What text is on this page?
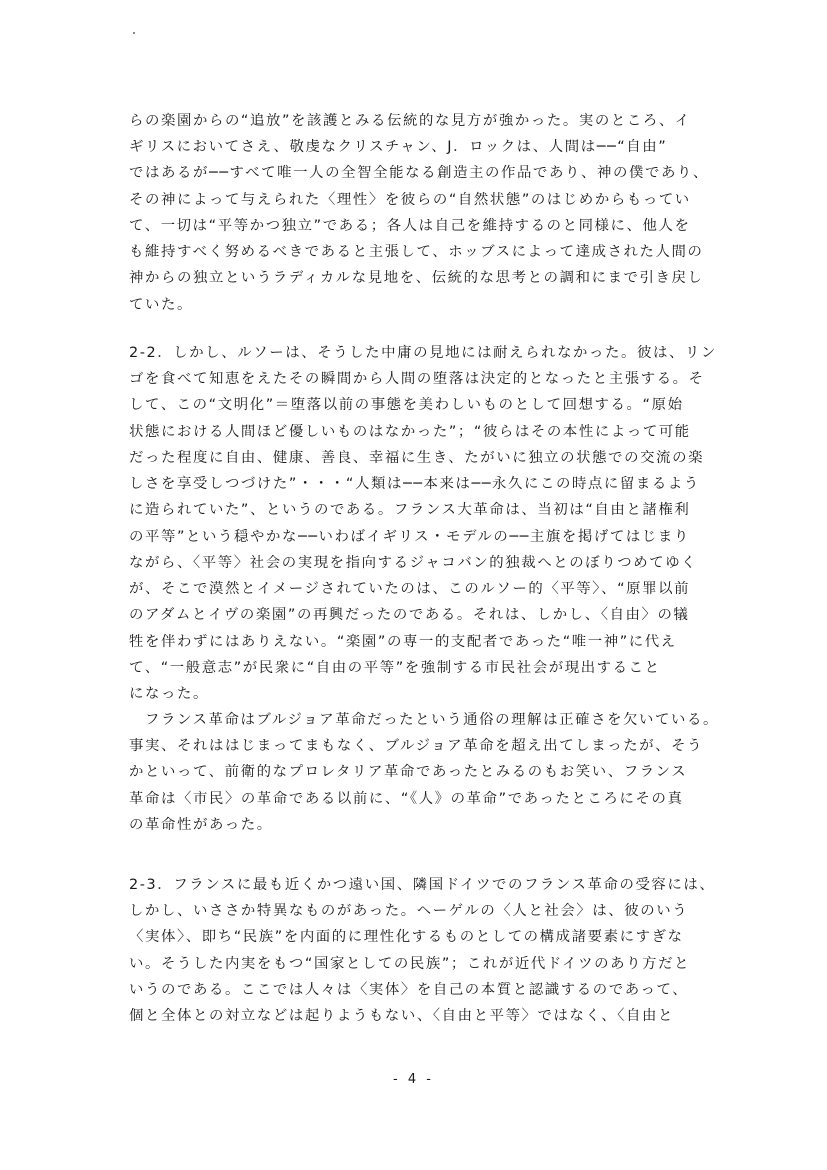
らの楽園からの“追放”を該護とみる伝統的な見方が強かった。実のところ、イ
ギリスにおいてさえ、敬虔なクリスチャン、J．ロックは、人間は──“自由”
ではあるが──すべて唯一人の全智全能なる創造主の作品であり、神の僕であり、
その神によって与えられた〈理性〉を彼らの“自然状態”のはじめからもってい
て、一切は“平等かつ独立”である；各人は自己を維持するのと同様に、他人を
も維持すべく努めるべきであると主張して、ホッブスによって達成された人間の
神からの独立というラディカルな見地を、伝統的な思考との調和にまで引き戻し
ていた。
2-2．しかし、ルソーは、そうした中庸の見地には耐えられなかった。彼は、リン
ゴを食べて知恵をえたその瞬間から人間の堕落は決定的となったと主張する。そ
して、この“文明化”＝堕落以前の事態を美わしいものとして回想する。“原始
状態における人間ほど優しいものはなかった”；“彼らはその本性によって可能
だった程度に自由、健康、善良、幸福に生き、たがいに独立の状態での交流の楽
しさを享受しつづけた”・・・“人類は──本来は──永久にこの時点に留まるよう
に造られていた”、というのである。フランス大革命は、当初は“自由と諸権利
の平等”という穏やかな──いわばイギリス・モデルの──主旗を掲げてはじまり
ながら、〈平等〉社会の実現を指向するジャコバン的独裁へとのぼりつめてゆく
が、そこで漠然とイメージされていたのは、このルソー的〈平等〉、“原罪以前
のアダムとイヴの楽園”の再興だったのである。それは、しかし、〈自由〉の犠
牲を伴わずにはありえない。“楽園”の専一的支配者であった“唯一神”に代え
て、“一般意志”が民衆に“自由の平等”を強制する市民社会が現出すること
になった。
　フランス革命はブルジョア革命だったという通俗の理解は正確さを欠いている。
事実、それははじまってまもなく、ブルジョア革命を超え出てしまったが、そう
かといって、前衛的なプロレタリア革命であったとみるのもお笑い、フランス
革命は〈市民〉の革命である以前に、“《人》の革命”であったところにその真
の革命性があった。
2-3．フランスに最も近くかつ遠い国、隣国ドイツでのフランス革命の受容には、
しかし、いささか特異なものがあった。ヘーゲルの〈人と社会〉は、彼のいう
〈実体〉、即ち“民族”を内面的に理性化するものとしての構成諸要素にすぎな
い。そうした内実をもつ“国家としての民族”；これが近代ドイツのあり方だと
いうのである。ここでは人々は〈実体〉を自己の本質と認識するのであって、
個と全体との対立などは起りようもない、〈自由と平等〉ではなく、〈自由と
- 4 -
